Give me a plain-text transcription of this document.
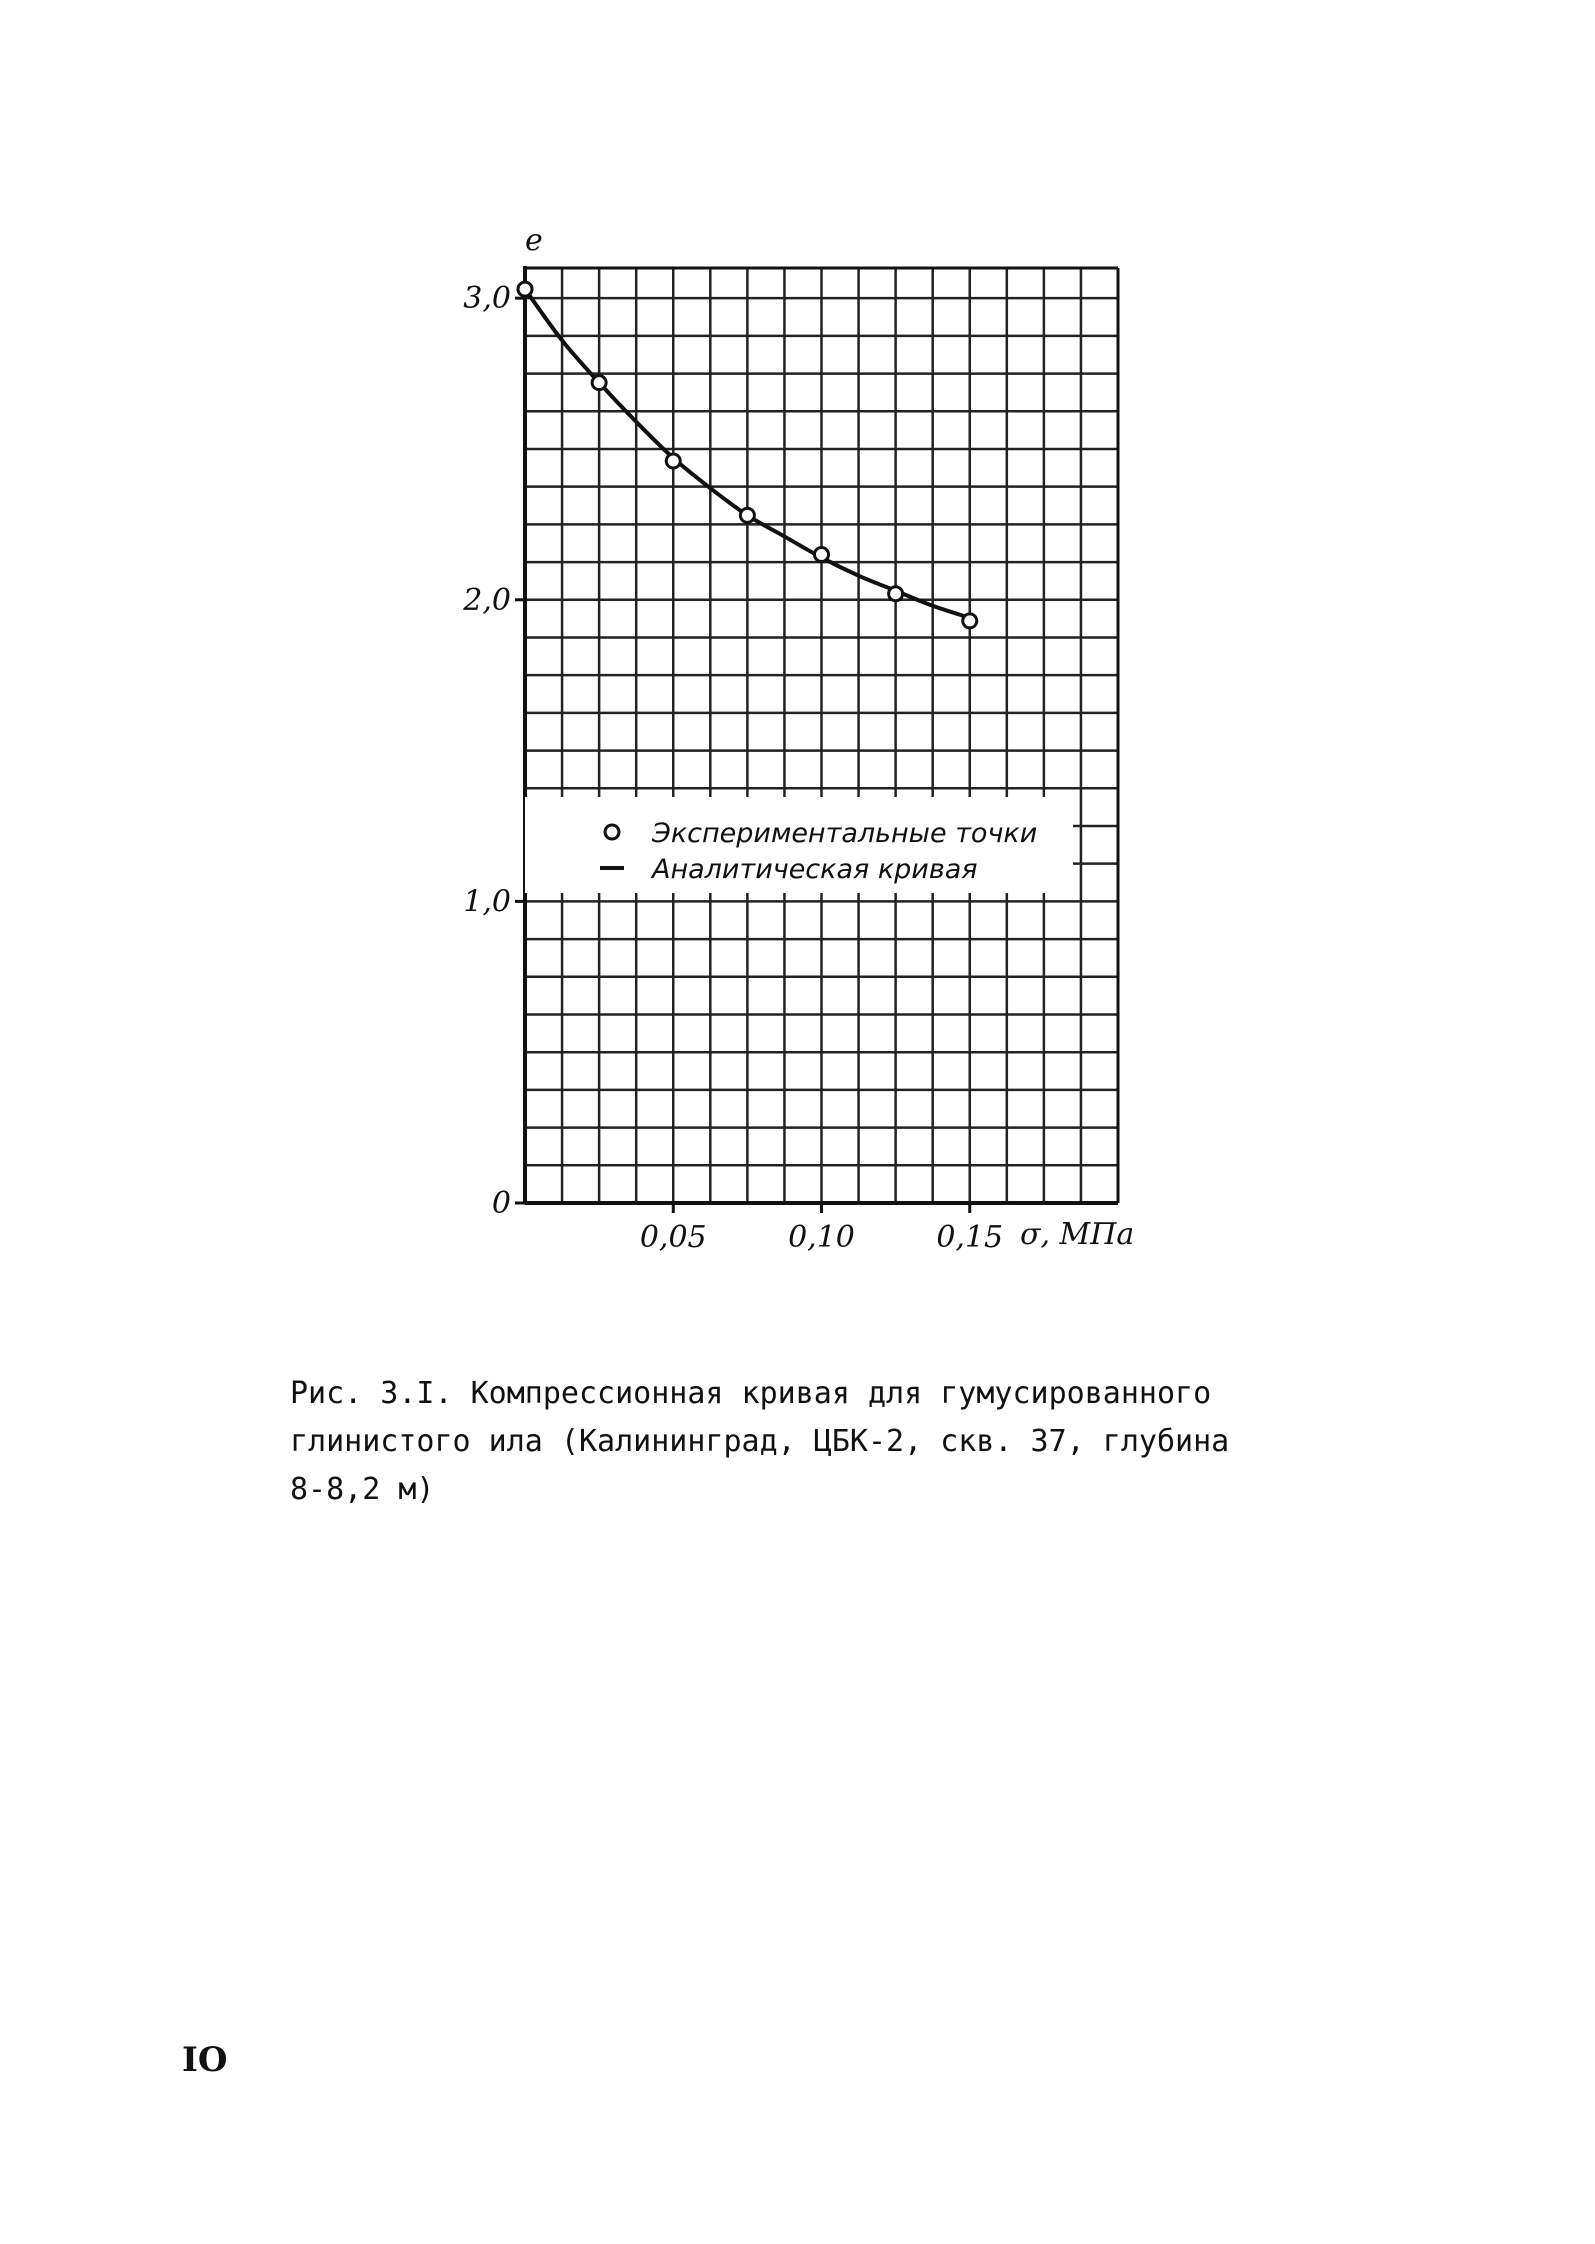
0
1,0
2,0
3,0
0,05	0,10	0,15
е
σ, МПа
Экспериментальные точки
Аналитическая кривая

Рис. 3.I. Компрессионная кривая для гумусированного
глинистого ила (Калининград, ЦБК-2, скв. 37, глубина
8-8,2 м)

IO
